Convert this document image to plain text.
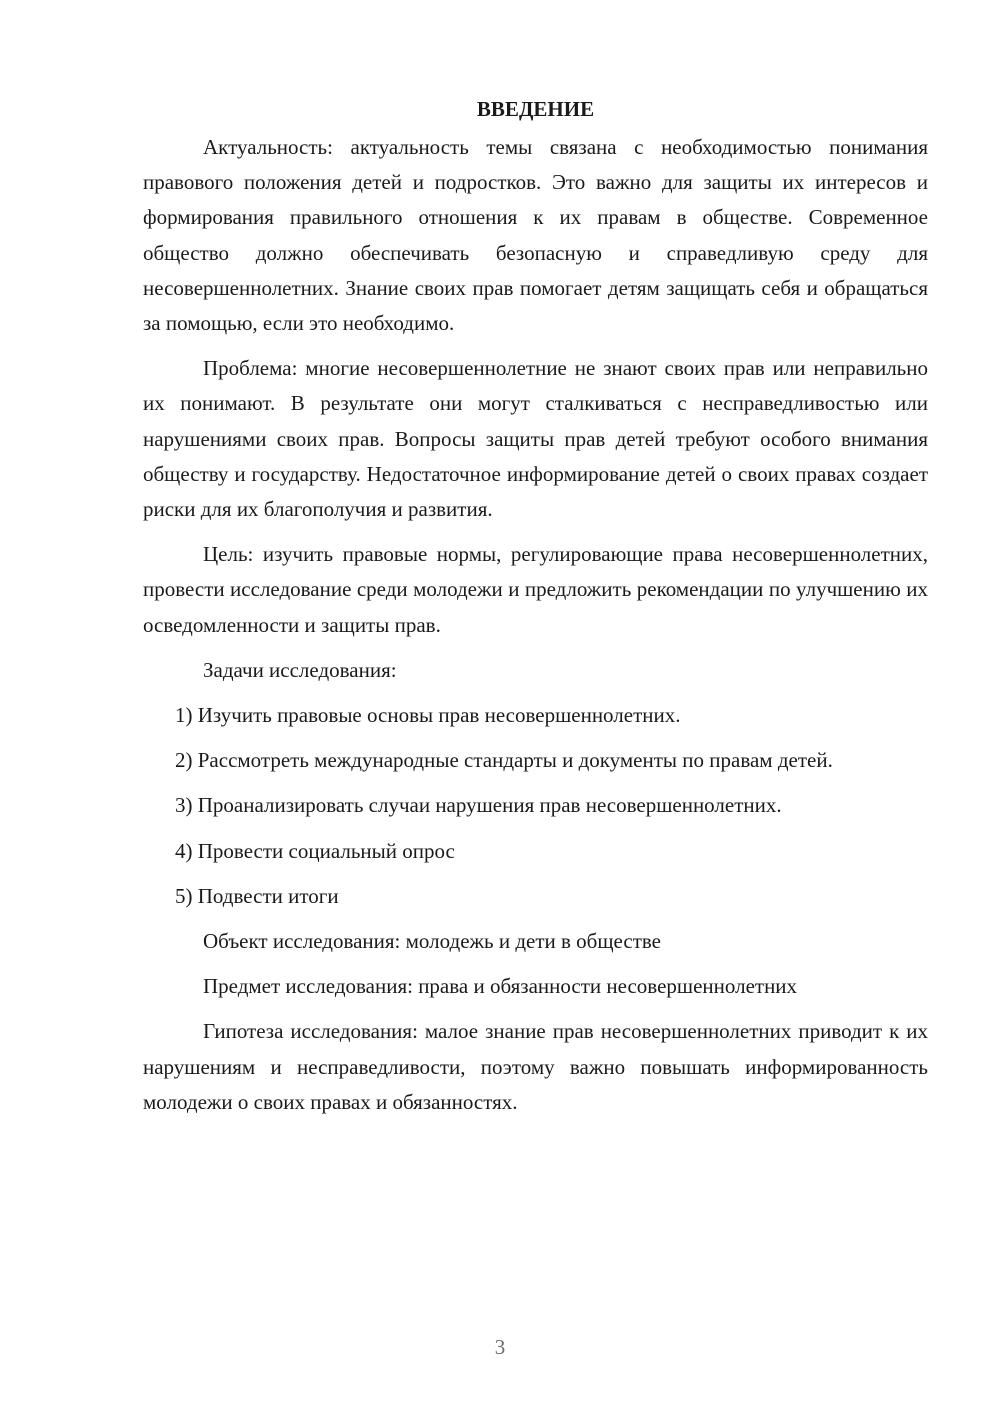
ВВЕДЕНИЕ

Актуальность: актуальность темы связана с необходимостью понимания правового положения детей и подростков. Это важно для защиты их интересов и формирования правильного отношения к их правам в обществе. Современное общество должно обеспечивать безопасную и справедливую среду для несовершеннолетних. Знание своих прав помогает детям защищать себя и обращаться за помощью, если это необходимо.

Проблема: многие несовершеннолетние не знают своих прав или неправильно их понимают. В результате они могут сталкиваться с несправедливостью или нарушениями своих прав. Вопросы защиты прав детей требуют особого внимания обществу и государству. Недостаточное информирование детей о своих правах создает риски для их благополучия и развития.

Цель: изучить правовые нормы, регулировающие права несовершеннолетних, провести исследование среди молодежи и предложить рекомендации по улучшению их осведомленности и защиты прав.

Задачи исследования:

1) Изучить правовые основы прав несовершеннолетних.

2) Рассмотреть международные стандарты и документы по правам детей.

3) Проанализировать случаи нарушения прав несовершеннолетних.

4) Провести социальный опрос

5) Подвести итоги

Объект исследования: молодежь и дети в обществе

Предмет исследования: права и обязанности несовершеннолетних

Гипотеза исследования: малое знание прав несовершеннолетних приводит к их нарушениям и несправедливости, поэтому важно повышать информированность молодежи о своих правах и обязанностях.

3
